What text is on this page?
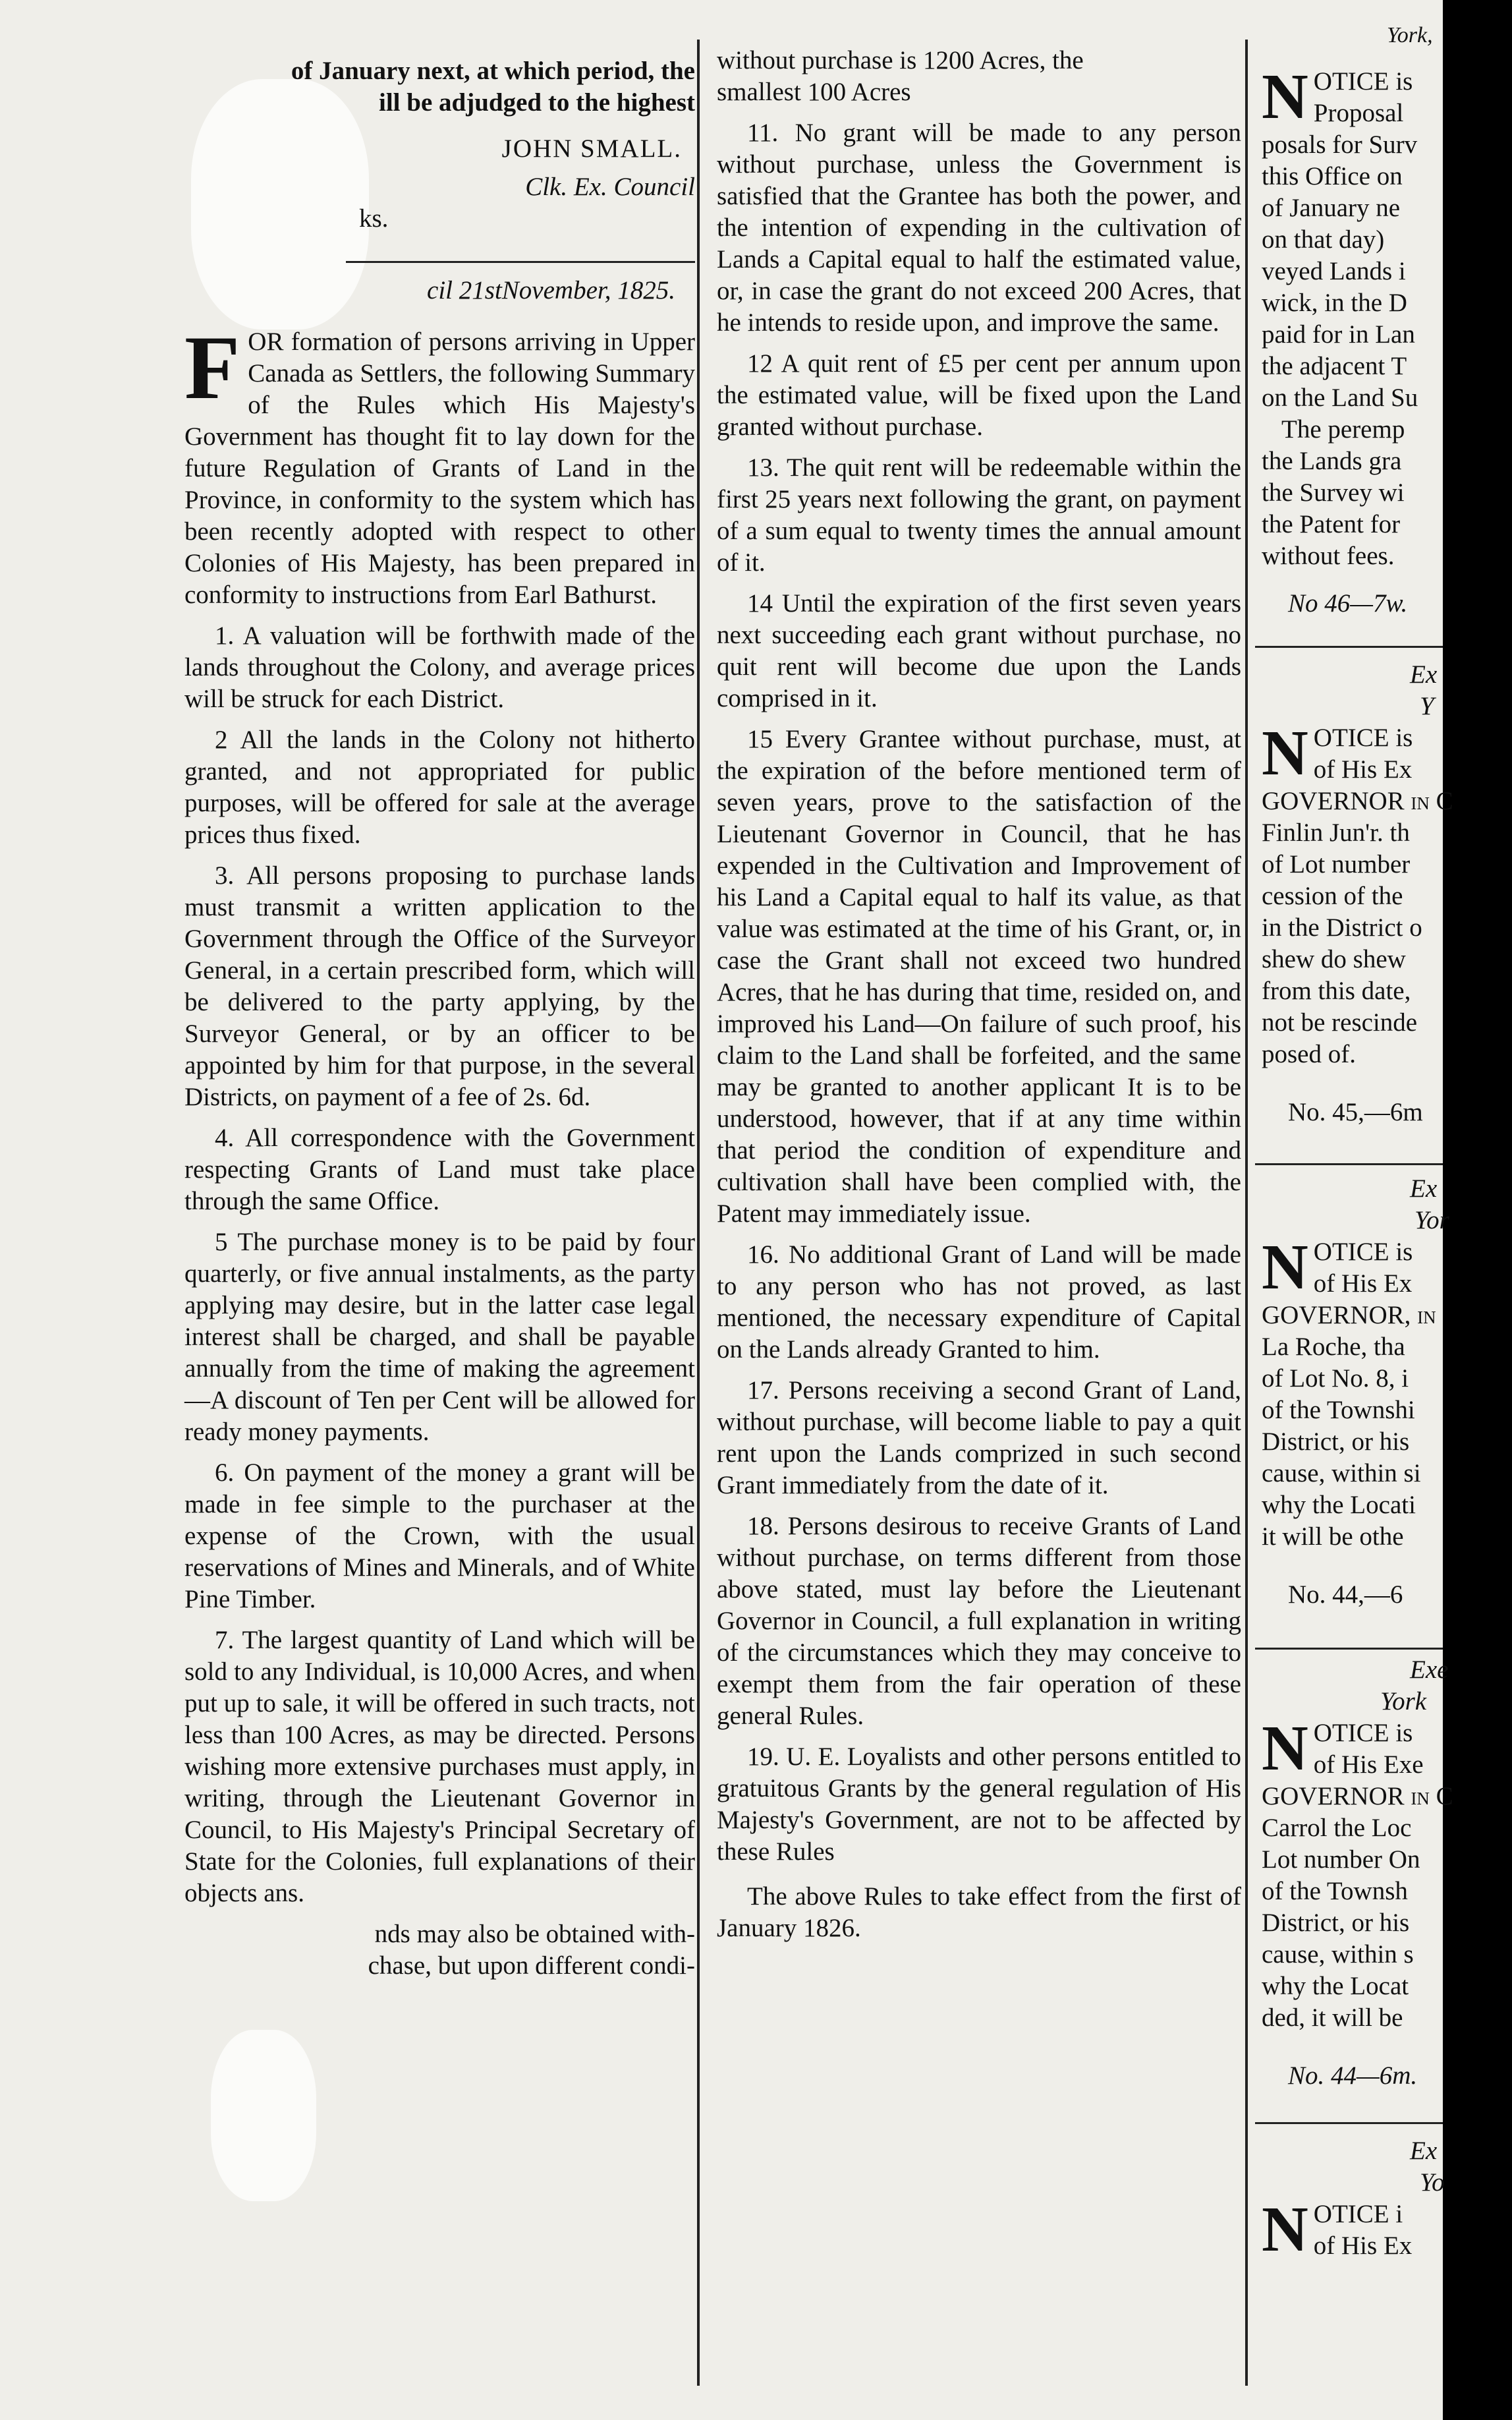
of January next, at which period, the

ill be adjudged to the highest

JOHN SMALL.

Clk. Ex. Council

ks.

cil 21stNovember, 1825.

FOR formation of persons arriving in Upper Canada as Settlers, the following Summary of the Rules which His Majesty's Government has thought fit to lay down for the future Regulation of Grants of Land in the Province, in conformity to the system which has been recently adopted with respect to other Colonies of His Majesty, has been prepared in conformity to instructions from Earl Bathurst.

1. A valuation will be forthwith made of the lands throughout the Colony, and average prices will be struck for each District.

2 All the lands in the Colony not hitherto granted, and not appropriated for public purposes, will be offered for sale at the average prices thus fixed.

3. All persons proposing to purchase lands must transmit a written application to the Government through the Office of the Surveyor General, in a certain prescribed form, which will be delivered to the party applying, by the Surveyor General, or by an officer to be appointed by him for that purpose, in the several Districts, on payment of a fee of 2s. 6d.

4. All correspondence with the Government respecting Grants of Land must take place through the same Office.

5 The purchase money is to be paid by four quarterly, or five annual instalments, as the party applying may desire, but in the latter case legal interest shall be charged, and shall be payable annually from the time of making the agreement —A discount of Ten per Cent will be allowed for ready money payments.

6. On payment of the money a grant will be made in fee simple to the purchaser at the expense of the Crown, with the usual reservations of Mines and Minerals, and of White Pine Timber.

7. The largest quantity of Land which will be sold to any Individual, is 10,000 Acres, and when put up to sale, it will be offered in such tracts, not less than 100 Acres, as may be directed. Persons wishing more extensive purchases must apply, in writing, through the Lieutenant Governor in Council, to His Majesty's Principal Secretary of State for the Colonies, full explanations of their objects ans.

nds may also be obtained with-

chase, but upon different condi-

without purchase is 1200 Acres, the

smallest 100 Acres

11. No grant will be made to any person without purchase, unless the Government is satisfied that the Grantee has both the power, and the intention of expending in the cultivation of Lands a Capital equal to half the estimated value, or, in case the grant do not exceed 200 Acres, that he intends to reside upon, and improve the same.

12 A quit rent of £5 per cent per annum upon the estimated value, will be fixed upon the Land granted without purchase.

13. The quit rent will be redeemable within the first 25 years next following the grant, on payment of a sum equal to twenty times the annual amount of it.

14 Until the expiration of the first seven years next succeeding each grant without purchase, no quit rent will become due upon the Lands comprised in it.

15 Every Grantee without purchase, must, at the expiration of the before mentioned term of seven years, prove to the satisfaction of the Lieutenant Governor in Council, that he has expended in the Cultivation and Improvement of his Land a Capital equal to half its value, as that value was estimated at the time of his Grant, or, in case the Grant shall not exceed two hundred Acres, that he has during that time, resided on, and improved his Land—On failure of such proof, his claim to the Land shall be forfeited, and the same may be granted to another applicant It is to be understood, however, that if at any time within that period the condition of expenditure and cultivation shall have been complied with, the Patent may immediately issue.

16. No additional Grant of Land will be made to any person who has not proved, as last mentioned, the necessary expenditure of Capital on the Lands already Granted to him.

17. Persons receiving a second Grant of Land, without purchase, will become liable to pay a quit rent upon the Lands comprized in such second Grant immediately from the date of it.

18. Persons desirous to receive Grants of Land without purchase, on terms different from those above stated, must lay before the Lieutenant Governor in Council, a full explanation in writing of the circumstances which they may conceive to exempt them from the fair operation of these general Rules.

19. U. E. Loyalists and other persons entitled to gratuitous Grants by the general regulation of His Majesty's Government, are not to be affected by these Rules

The above Rules to take effect from the first of January 1826.

York,

N OTICE is

Proposal

posals for Surv

this Office on

of January ne

on that day)

veyed Lands i

wick, in the D

paid for in Lan

the adjacent T

on the Land Su

The peremp

the Lands gra

the Survey wi

the Patent for

without fees.

No 46—7w.

Ex

Y

N OTICE is

of His Ex

GOVERNOR in C

Finlin Jun'r. th

of Lot number

cession of the

in the District o

shew do shew

from this date,

not be rescinde

posed of.

No. 45,—6m

Ex

Yor

N OTICE is

of His Ex

GOVERNOR, in

La Roche, tha

of Lot No. 8, i

of the Townshi

District, or his

cause, within si

why the Locati

it will be othe

No. 44,—6

Exe

York

N OTICE is

of His Exe

GOVERNOR in C

Carrol the Loc

Lot number On

of the Townsh

District, or his

cause, within s

why the Locat

ded, it will be

No. 44—6m.

Ex

Yo

N OTICE i

of His Ex
